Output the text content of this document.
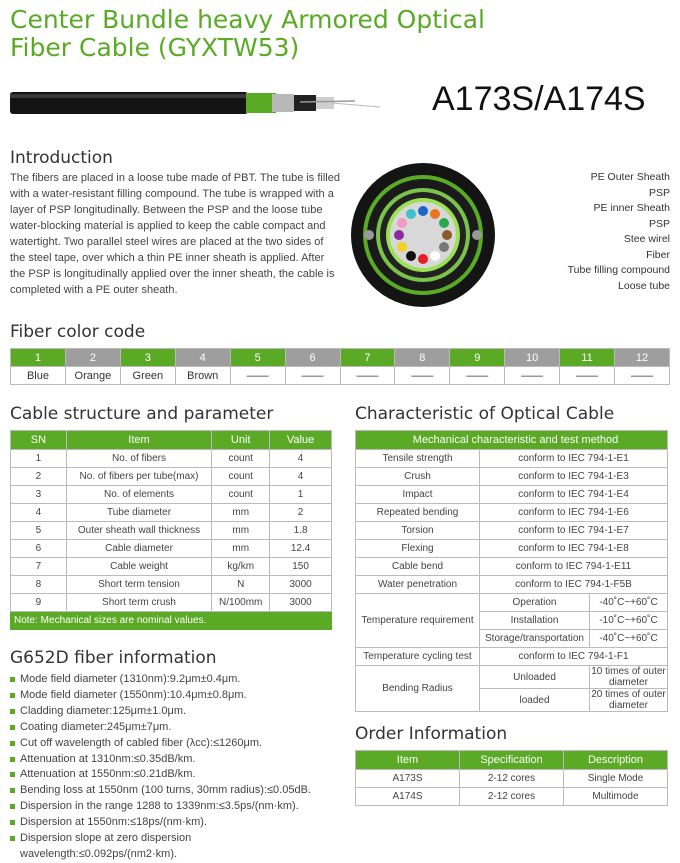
Center Bundle heavy Armored Optical
Fiber Cable (GYXTW53)
A173S/A174S
Introduction
The fibers are placed in a loose tube made of PBT. The tube is filled with a water-resistant filling compound. The tube is wrapped with a layer of PSP longitudinally. Between the PSP and the loose tube water-blocking material is applied to keep the cable compact and watertight. Two parallel steel wires are placed at the two sides of the steel tape, over which a thin PE inner sheath is applied. After the PSP is longitudinally applied over the inner sheath, the cable is completed with a PE outer sheath.
PE Outer Sheath
PSP
PE inner Sheath
PSP
Stee wirel
Fiber
Tube filling compound
Loose tube
Fiber color code
1	2	3	4	5	6	7	8	9	10	11	12
Blue	Orange	Green	Brown	——	——	——	——	——	——	——	——
Cable structure and parameter
SN	Item	Unit	Value
1	No. of fibers	count	4
2	No. of fibers per tube(max)	count	4
3	No. of elements	count	1
4	Tube diameter	mm	2
5	Outer sheath wall thickness	mm	1.8
6	Cable diameter	mm	12.4
7	Cable weight	kg/km	150
8	Short term tension	N	3000
9	Short term crush	N/100mm	3000
Note: Mechanical sizes are nominal values.
G652D fiber information
Mode field diameter (1310nm):9.2μm±0.4μm.
Mode field diameter (1550nm):10.4μm±0.8μm.
Cladding diameter:125μm±1.0μm.
Coating diameter:245μm±7μm.
Cut off wavelength of cabled fiber (λcc):≤1260μm.
Attenuation at 1310nm:≤0.35dB/km.
Attenuation at 1550nm:≤0.21dB/km.
Bending loss at 1550nm (100 turns, 30mm radius):≤0.05dB.
Dispersion in the range 1288 to 1339nm:≤3.5ps/(nm·km).
Dispersion at 1550nm:≤18ps/(nm·km).
Dispersion slope at zero dispersion wavelength:≤0.092ps/(nm2·km).
Characteristic of Optical Cable
Mechanical characteristic and test method		
Tensile strength	conform to IEC 794-1-E1	
Crush	conform to IEC 794-1-E3	
Impact	conform to IEC 794-1-E4	
Repeated bending	conform to IEC 794-1-E6	
Torsion	conform to IEC 794-1-E7	
Flexing	conform to IEC 794-1-E8	
Cable bend	conform to IEC 794-1-E11	
Water penetration	conform to IEC 794-1-F5B	
Temperature requirement	Operation	-40˚C~+60˚C
	Installation	-10˚C~+60˚C
	Storage/transportation	-40˚C~+60˚C
Temperature cycling test	conform to IEC 794-1-F1	
Bending Radius	Unloaded	10 times of outer diameter
	loaded	20 times of outer diameter
Order Information
Item	Specification	Description
A173S	2-12 cores	Single Mode
A174S	2-12 cores	Multimode
